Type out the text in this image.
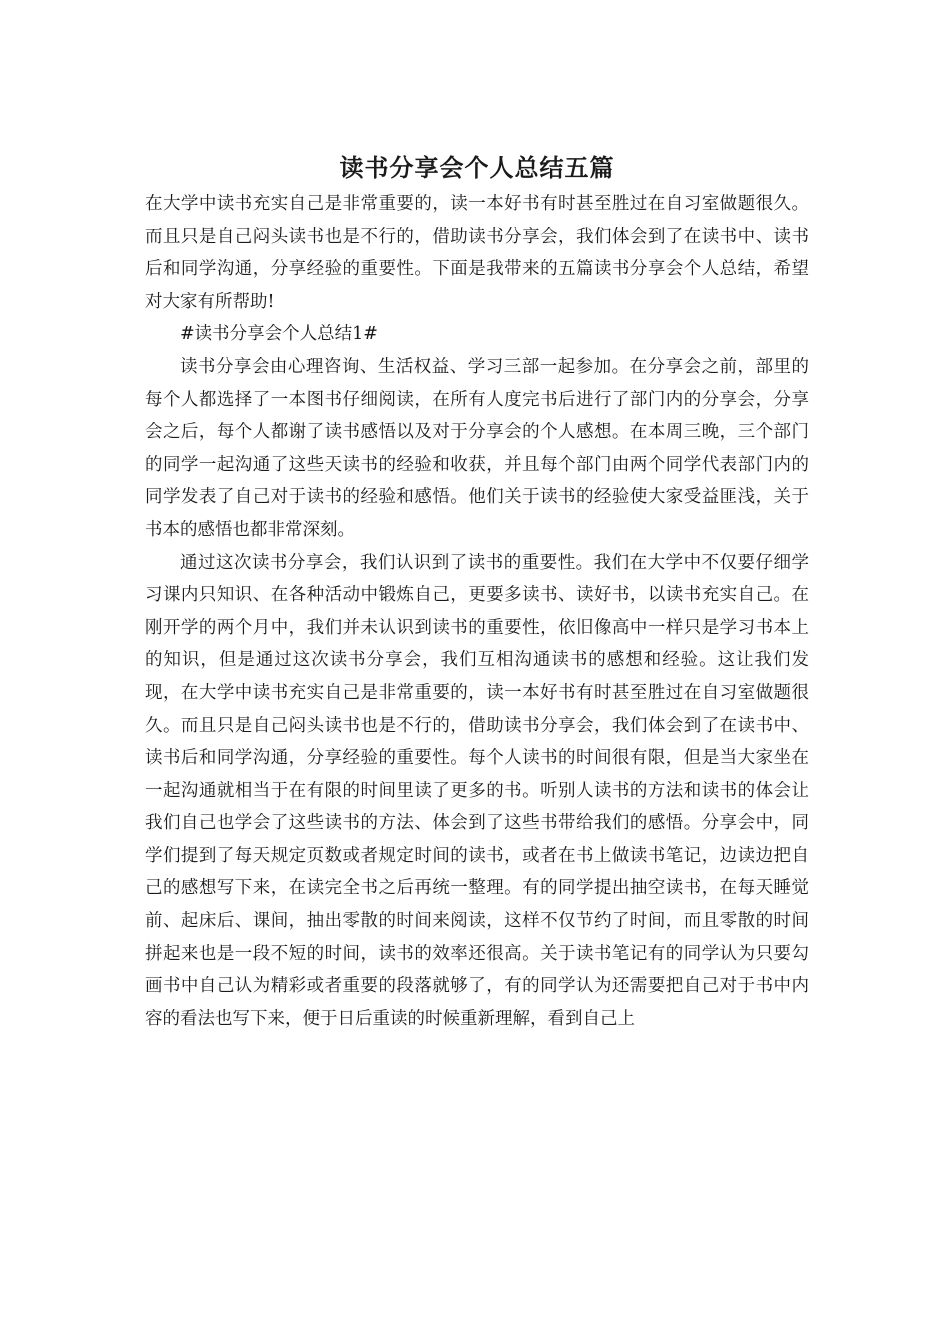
读书分享会个人总结五篇

在大学中读书充实自己是非常重要的，读一本好书有时甚至胜过在自习室做题很久。而且只是自己闷头读书也是不行的，借助读书分享会，我们体会到了在读书中、读书后和同学沟通，分享经验的重要性。下面是我带来的五篇读书分享会个人总结，希望对大家有所帮助!

#读书分享会个人总结1#

读书分享会由心理咨询、生活权益、学习三部一起参加。在分享会之前，部里的每个人都选择了一本图书仔细阅读，在所有人度完书后进行了部门内的分享会，分享会之后，每个人都谢了读书感悟以及对于分享会的个人感想。在本周三晚，三个部门的同学一起沟通了这些天读书的经验和收获，并且每个部门由两个同学代表部门内的同学发表了自己对于读书的经验和感悟。他们关于读书的经验使大家受益匪浅，关于书本的感悟也都非常深刻。

通过这次读书分享会，我们认识到了读书的重要性。我们在大学中不仅要仔细学习课内只知识、在各种活动中锻炼自己，更要多读书、读好书，以读书充实自己。在刚开学的两个月中，我们并未认识到读书的重要性，依旧像高中一样只是学习书本上的知识，但是通过这次读书分享会，我们互相沟通读书的感想和经验。这让我们发现，在大学中读书充实自己是非常重要的，读一本好书有时甚至胜过在自习室做题很久。而且只是自己闷头读书也是不行的，借助读书分享会，我们体会到了在读书中、读书后和同学沟通，分享经验的重要性。每个人读书的时间很有限，但是当大家坐在一起沟通就相当于在有限的时间里读了更多的书。听别人读书的方法和读书的体会让我们自己也学会了这些读书的方法、体会到了这些书带给我们的感悟。分享会中，同学们提到了每天规定页数或者规定时间的读书，或者在书上做读书笔记，边读边把自己的感想写下来，在读完全书之后再统一整理。有的同学提出抽空读书，在每天睡觉前、起床后、课间，抽出零散的时间来阅读，这样不仅节约了时间，而且零散的时间拼起来也是一段不短的时间，读书的效率还很高。关于读书笔记有的同学认为只要勾画书中自己认为精彩或者重要的段落就够了，有的同学认为还需要把自己对于书中内容的看法也写下来，便于日后重读的时候重新理解，看到自己上
